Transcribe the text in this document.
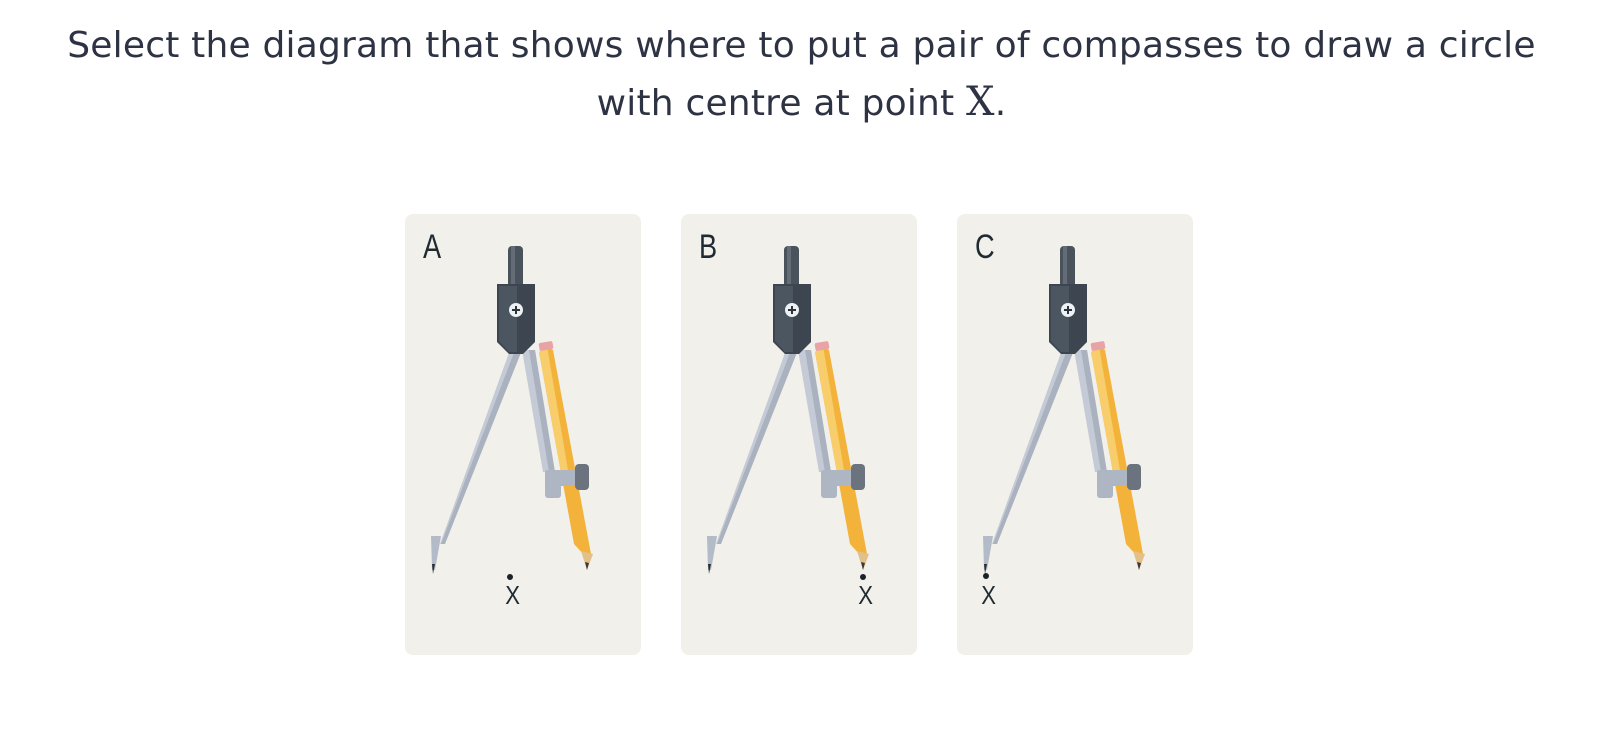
Select the diagram that shows where to put a pair of compasses to draw a circle
with centre at point X.
A
X
B
X
C
X
